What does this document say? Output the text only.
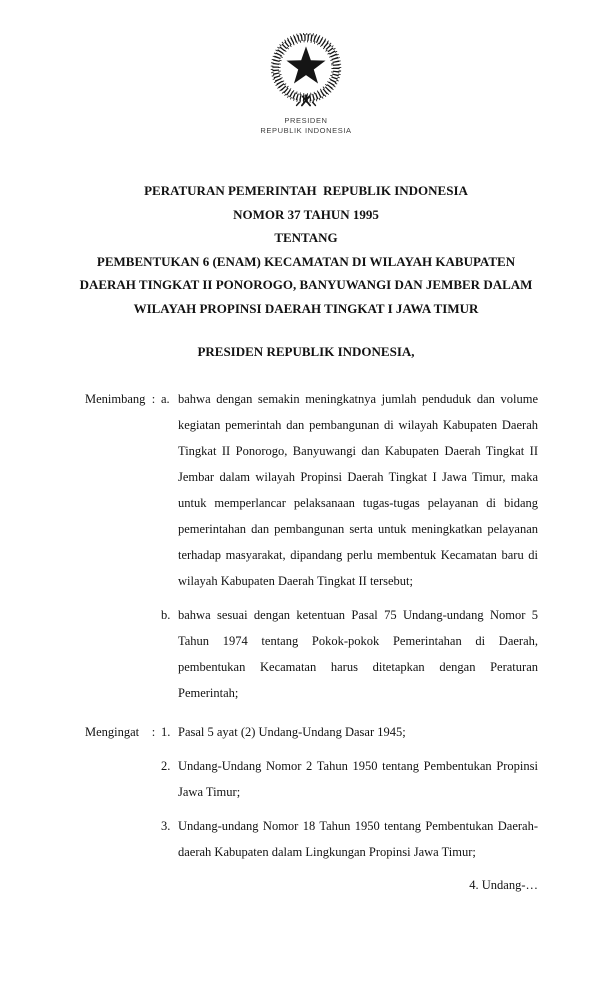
PRESIDEN
REPUBLIK INDONESIA
PERATURAN PEMERINTAH  REPUBLIK INDONESIA
NOMOR 37 TAHUN 1995
TENTANG
PEMBENTUKAN 6 (ENAM) KECAMATAN DI WILAYAH KABUPATEN
DAERAH TINGKAT II PONOROGO, BANYUWANGI DAN JEMBER DALAM
WILAYAH PROPINSI DAERAH TINGKAT I JAWA TIMUR
PRESIDEN REPUBLIK INDONESIA,
Menimbang : a. bahwa dengan semakin meningkatnya jumlah penduduk dan volume kegiatan pemerintah dan pembangunan di wilayah Kabupaten Daerah Tingkat II Ponorogo, Banyuwangi dan Kabupaten Daerah Tingkat II Jembar dalam wilayah Propinsi Daerah Tingkat I Jawa Timur, maka untuk memperlancar pelaksanaan tugas-tugas pelayanan di bidang pemerintahan dan pembangunan serta untuk meningkatkan pelayanan terhadap masyarakat, dipandang perlu membentuk Kecamatan baru di wilayah Kabupaten Daerah Tingkat II tersebut;
b. bahwa sesuai dengan ketentuan Pasal 75 Undang-undang Nomor 5 Tahun 1974 tentang Pokok-pokok Pemerintahan di Daerah, pembentukan Kecamatan harus ditetapkan dengan Peraturan Pemerintah;
Mengingat	: 1. Pasal 5 ayat (2) Undang-Undang Dasar 1945;
2. Undang-Undang Nomor 2 Tahun 1950 tentang Pembentukan Propinsi Jawa Timur;
3. Undang-undang Nomor 18 Tahun 1950 tentang Pembentukan Daerah-daerah Kabupaten dalam Lingkungan Propinsi Jawa Timur;
4. Undang-…
